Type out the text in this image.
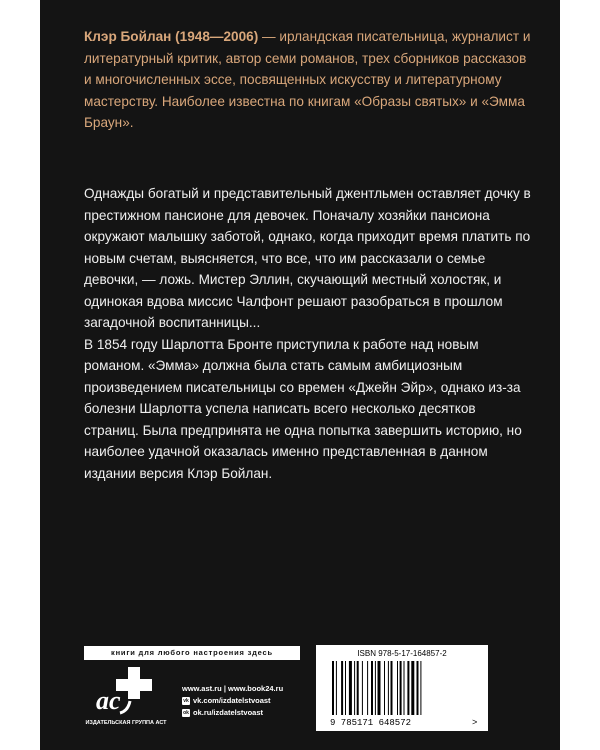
Клэр Бойлан (1948—2006) — ирландская писательница, журналист и литературный критик, автор семи романов, трех сборников рассказов и многочисленных эссе, посвященных искусству и литературному мастерству. Наиболее известна по книгам «Образы святых» и «Эмма Браун».

Однажды богатый и представительный джентльмен оставляет дочку в престижном пансионе для девочек. Поначалу хозяйки пансиона окружают малышку заботой, однако, когда приходит время платить по новым счетам, выясняется, что все, что им рассказали о семье девочки, — ложь. Мистер Эллин, скучающий местный холостяк, и одинокая вдова миссис Чалфонт решают разобраться в прошлом загадочной воспитанницы...

В 1854 году Шарлотта Бронте приступила к работе над новым романом. «Эмма» должна была стать самым амбициозным произведением писательницы со времен «Джейн Эйр», однако из-за болезни Шарлотта успела написать всего несколько десятков страниц. Была предпринята не одна попытка завершить историю, но наиболее удачной оказалась именно представленная в данном издании версия Клэр Бойлан.

книги для любого настроения здесь
ac
ИЗДАТЕЛЬСКАЯ ГРУППА АСТ
www.ast.ru | www.book24.ru
vk vk.com/izdatelstvoast
ok ok.ru/izdatelstvoast
ISBN 978-5-17-164857-2
9 785171 648572	>
